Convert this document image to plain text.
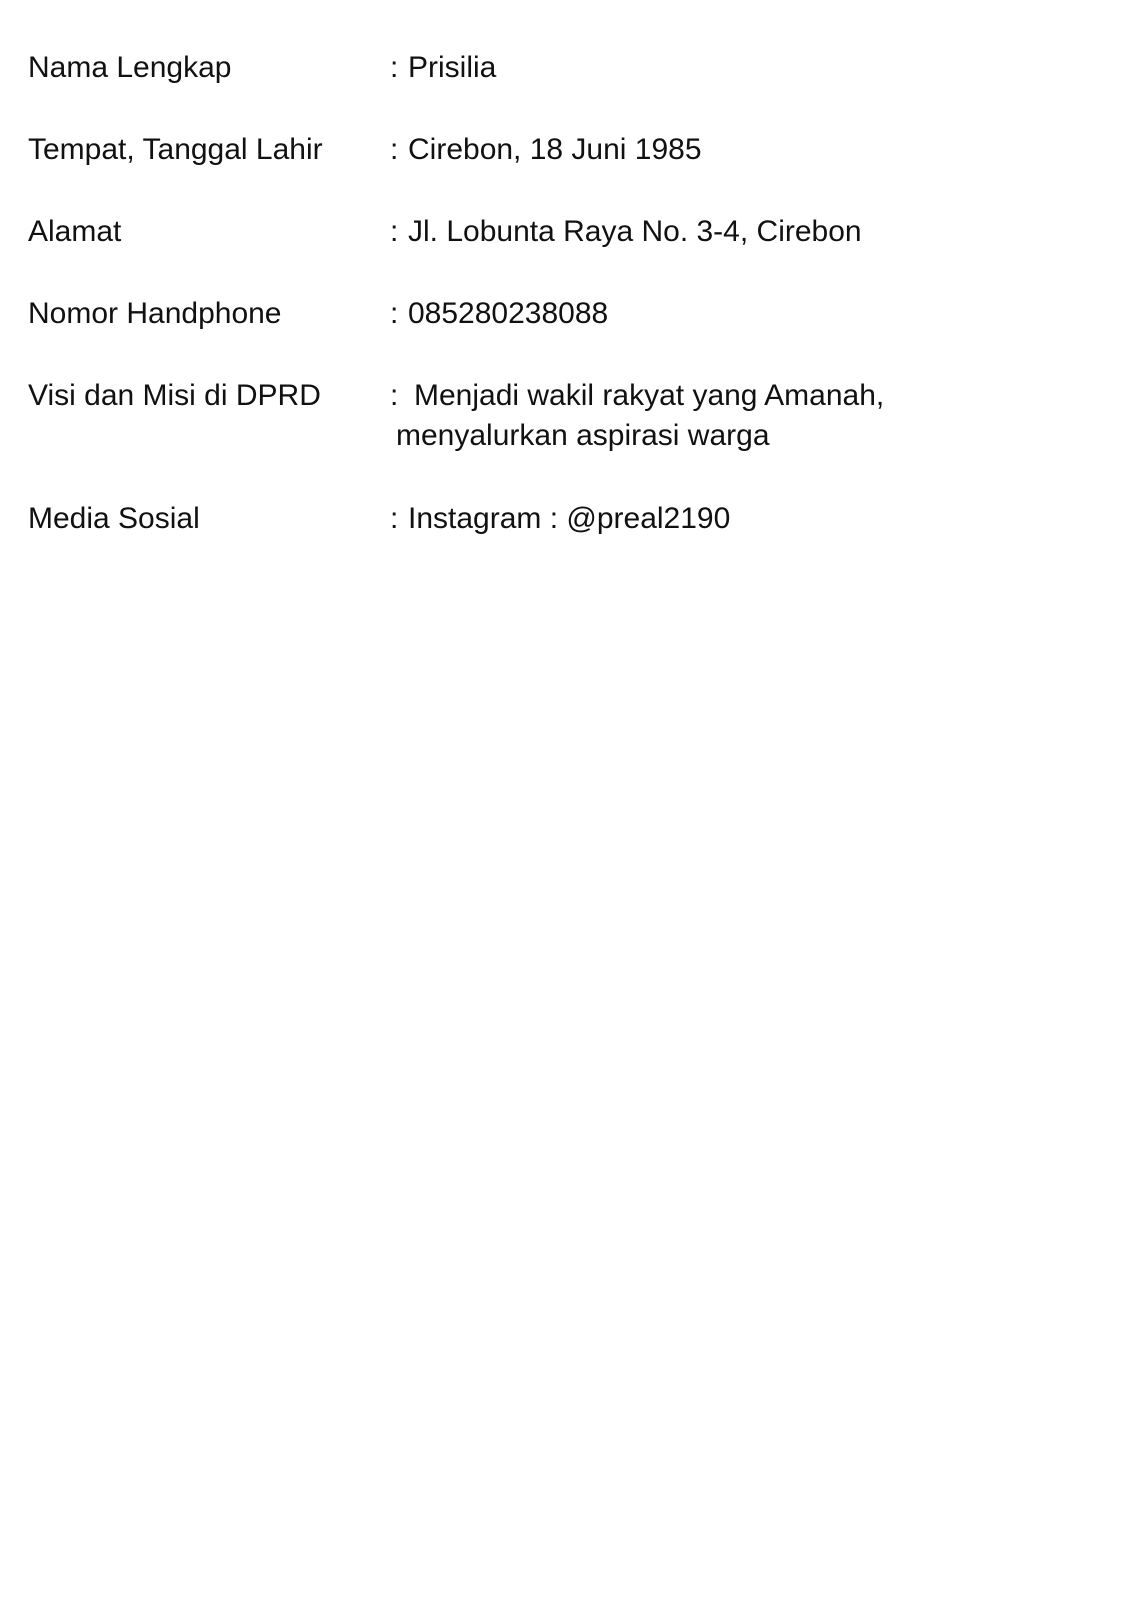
Nama Lengkap	: Prisilia
Tempat, Tanggal Lahir : Cirebon, 18 Juni 1985
Alamat	: Jl. Lobunta Raya No. 3-4, Cirebon
Nomor Handphone	: 085280238088
Visi dan Misi di DPRD : Menjadi wakil rakyat yang Amanah,
menyalurkan aspirasi warga
Media Sosial	: Instagram : @preal2190
